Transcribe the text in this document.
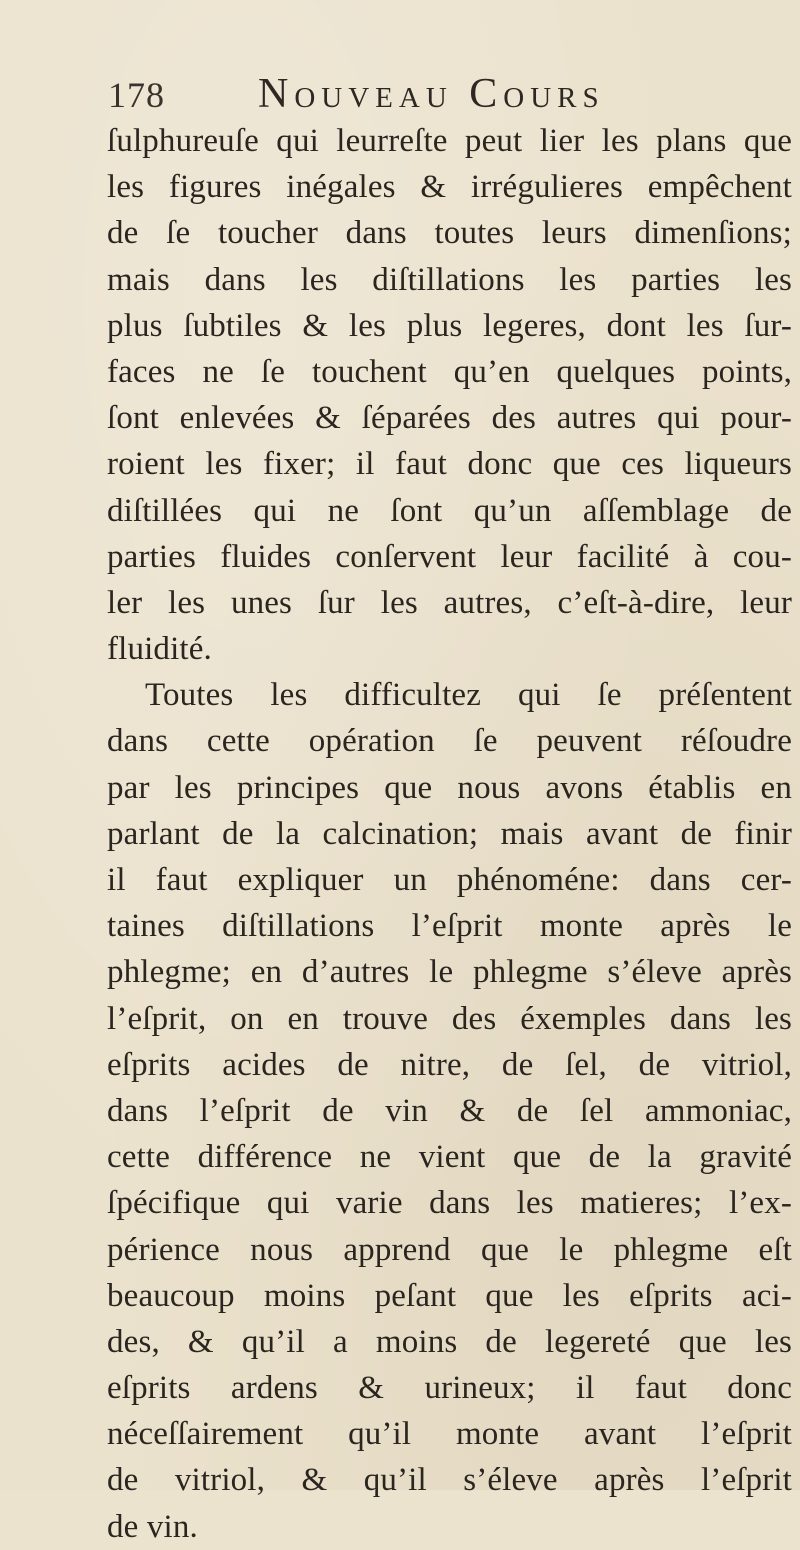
178	Nouveau Cours
ſulphureuſe qui leurreſte peut lier les plans que
les figures inégales & irrégulieres empêchent
de ſe toucher dans toutes leurs dimenſions;
mais dans les diſtillations les parties les
plus ſubtiles & les plus legeres, dont les ſur-
faces ne ſe touchent qu’en quelques points,
ſont enlevées & ſéparées des autres qui pour-
roient les fixer; il faut donc que ces liqueurs
diſtillées qui ne ſont qu’un aſſemblage de
parties fluides conſervent leur facilité à cou-
ler les unes ſur les autres, c’eſt-à-dire, leur
fluidité.
Toutes les difficultez qui ſe préſentent
dans cette opération ſe peuvent réſoudre
par les principes que nous avons établis en
parlant de la calcination; mais avant de finir
il faut expliquer un phénoméne: dans cer-
taines diſtillations l’eſprit monte après le
phlegme; en d’autres le phlegme s’éleve après
l’eſprit, on en trouve des éxemples dans les
eſprits acides de nitre, de ſel, de vitriol,
dans l’eſprit de vin & de ſel ammoniac,
cette différence ne vient que de la gravité
ſpécifique qui varie dans les matieres; l’ex-
périence nous apprend que le phlegme eſt
beaucoup moins peſant que les eſprits aci-
des, & qu’il a moins de legereté que les
eſprits ardens & urineux; il faut donc
néceſſairement qu’il monte avant l’eſprit
de vitriol, & qu’il s’éleve après l’eſprit
de vin.
